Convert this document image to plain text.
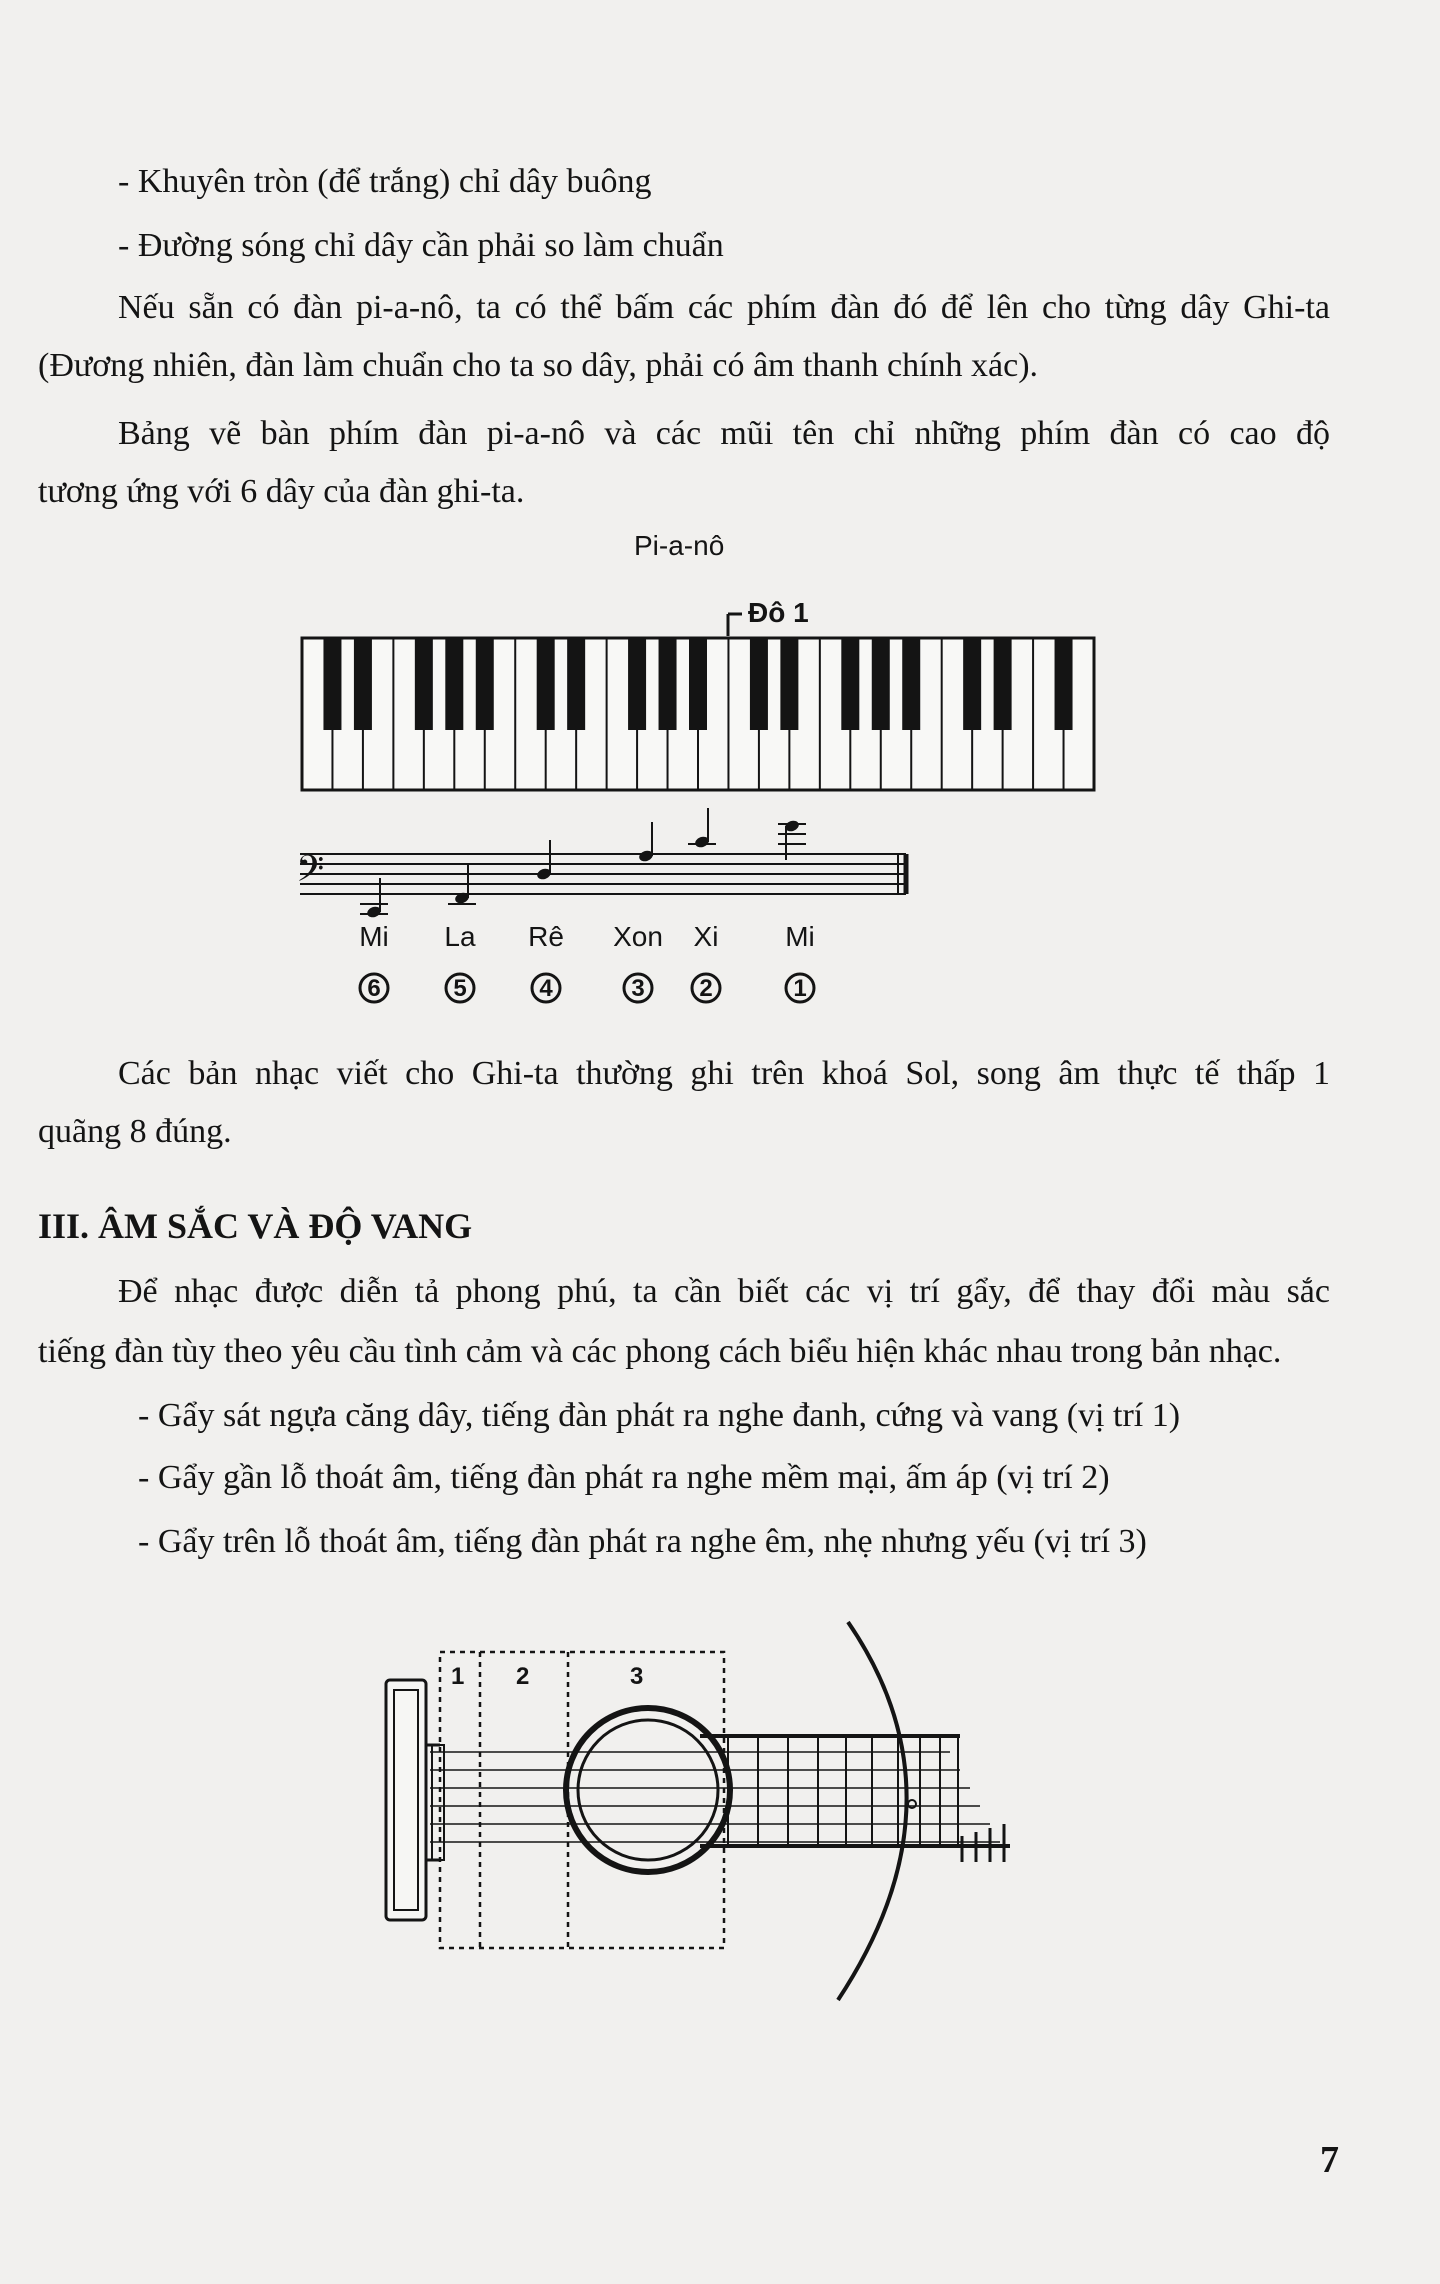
- Khuyên tròn (để trắng) chỉ dây buông
- Đường sóng chỉ dây cần phải so làm chuẩn
Nếu sẵn có đàn pi-a-nô, ta có thể bấm các phím đàn đó để lên cho từng dây Ghi-ta
(Đương nhiên, đàn làm chuẩn cho ta so dây, phải có âm thanh chính xác).
Bảng vẽ bàn phím đàn pi-a-nô và các mũi tên chỉ những phím đàn có cao độ
tương ứng với 6 dây của đàn ghi-ta.
Pi-a-nô
Đô 1
𝄢
Mi
6
La
5
Rê
4
Xon
3
Xi
2
Mi
1
Các bản nhạc viết cho Ghi-ta thường ghi trên khoá Sol, song âm thực tế thấp 1
quãng 8 đúng.
III. ÂM SẮC VÀ ĐỘ VANG
Để nhạc được diễn tả phong phú, ta cần biết các vị trí gẩy, để thay đổi màu sắc
tiếng đàn tùy theo yêu cầu tình cảm và các phong cách biểu hiện khác nhau trong bản nhạc.
- Gẩy sát ngựa căng dây, tiếng đàn phát ra nghe đanh, cứng và vang (vị trí 1)
- Gẩy gần lỗ thoát âm, tiếng đàn phát ra nghe mềm mại, ấm áp (vị trí 2)
- Gẩy trên lỗ thoát âm, tiếng đàn phát ra nghe êm, nhẹ nhưng yếu (vị trí 3)
1 2	3
7
